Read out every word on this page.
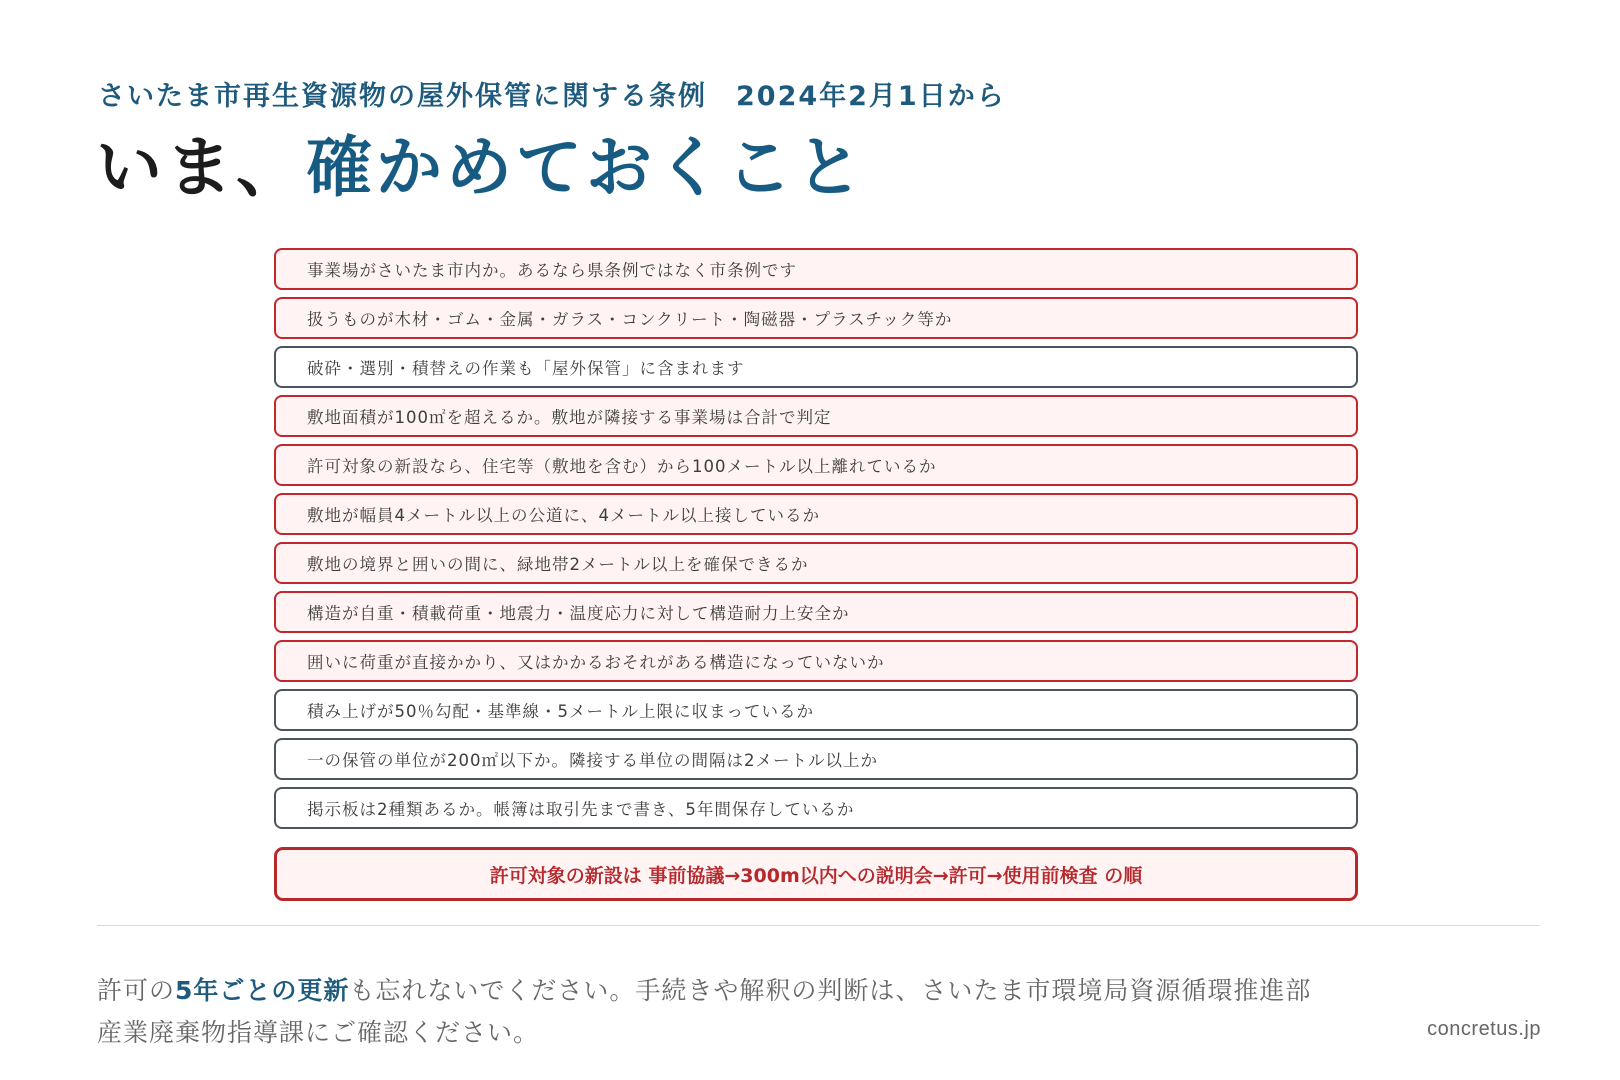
さいたま市再生資源物の屋外保管に関する条例　2024年2月1日から
いま、確かめておくこと
事業場がさいたま市内か。あるなら県条例ではなく市条例です
扱うものが木材・ゴム・金属・ガラス・コンクリート・陶磁器・プラスチック等か
破砕・選別・積替えの作業も「屋外保管」に含まれます
敷地面積が100㎡を超えるか。敷地が隣接する事業場は合計で判定
許可対象の新設なら、住宅等（敷地を含む）から100メートル以上離れているか
敷地が幅員4メートル以上の公道に、4メートル以上接しているか
敷地の境界と囲いの間に、緑地帯2メートル以上を確保できるか
構造が自重・積載荷重・地震力・温度応力に対して構造耐力上安全か
囲いに荷重が直接かかり、又はかかるおそれがある構造になっていないか
積み上げが50％勾配・基準線・5メートル上限に収まっているか
一の保管の単位が200㎡以下か。隣接する単位の間隔は2メートル以上か
掲示板は2種類あるか。帳簿は取引先まで書き、5年間保存しているか
許可対象の新設は 事前協議→300m以内への説明会→許可→使用前検査 の順

許可の5年ごとの更新も忘れないでください。手続きや解釈の判断は、さいたま市環境局資源循環推進部産業廃棄物指導課にご確認ください。	concretus.jp
